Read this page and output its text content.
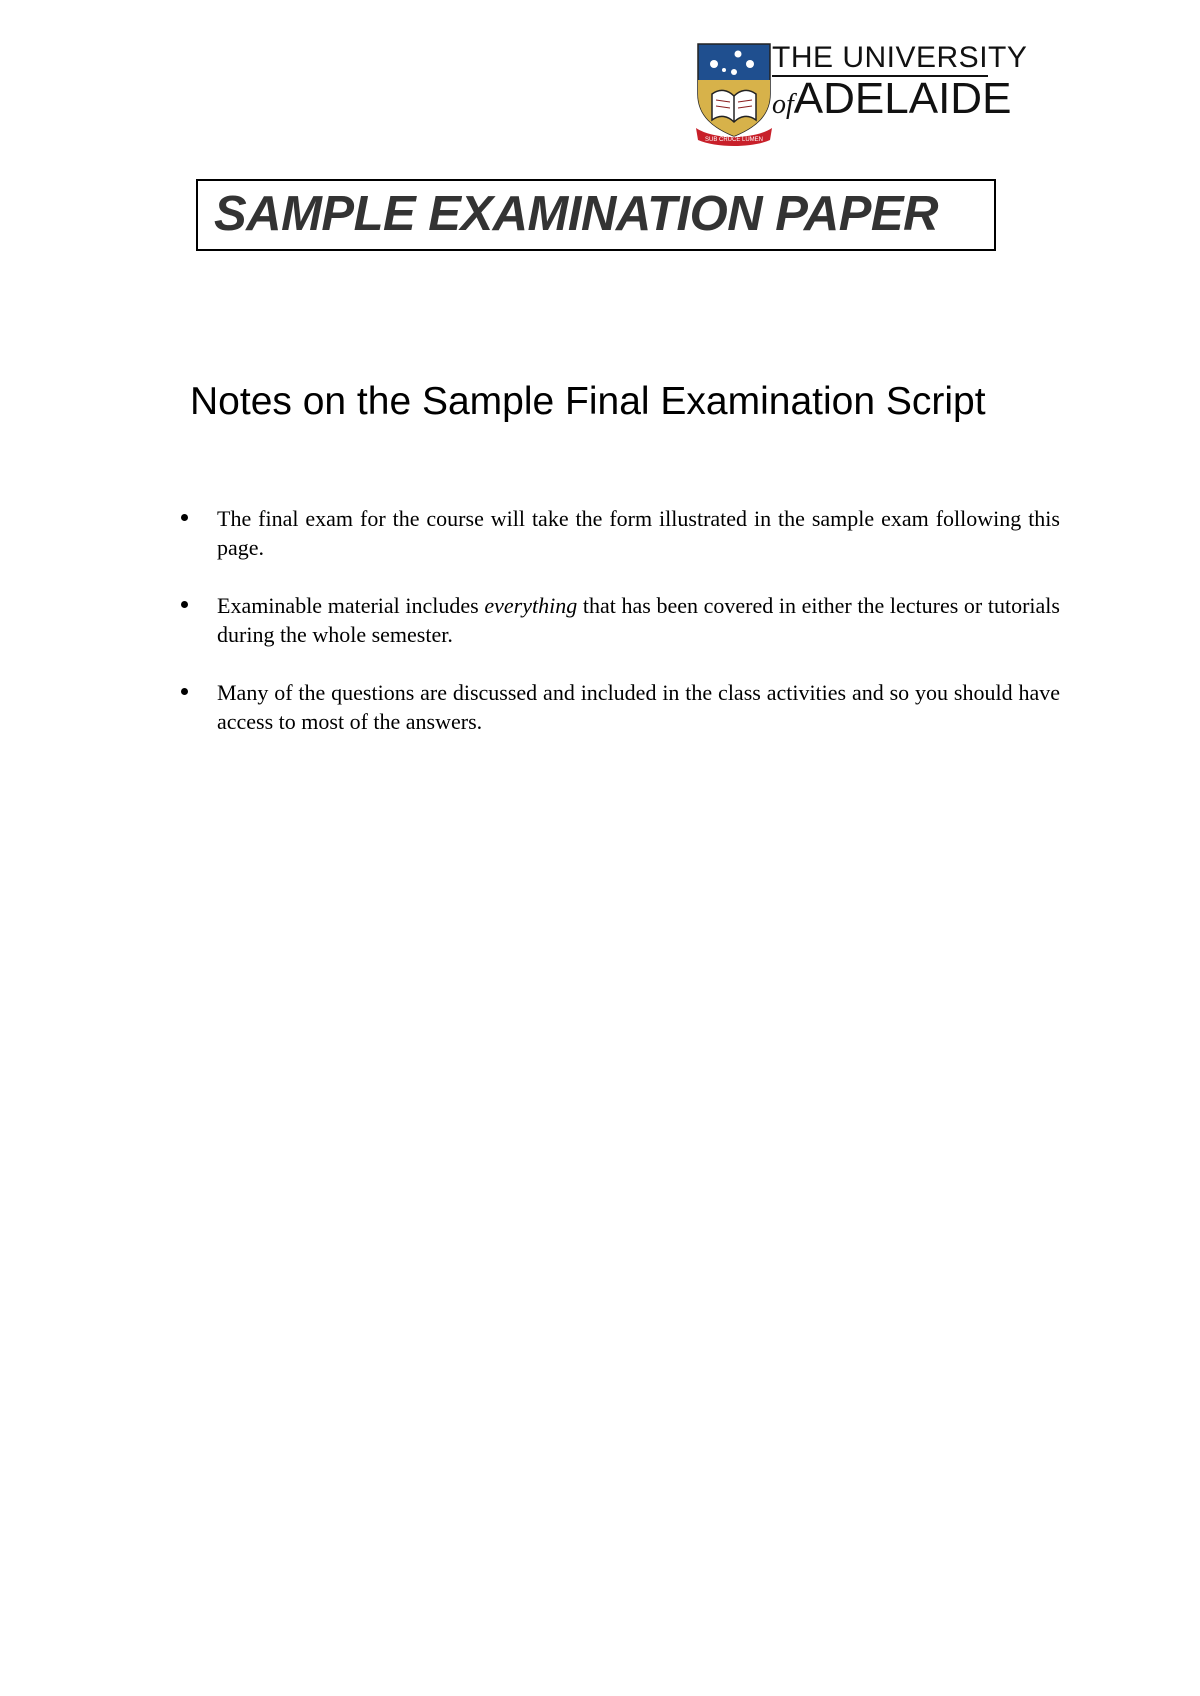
SUB CRUCE LUMEN
THE UNIVERSITY
ofADELAIDE
SAMPLE EXAMINATION PAPER
Notes on the Sample Final Examination Script
The final exam for the course will take the form illustrated in the sample exam following this page.
Examinable material includes everything that has been covered in either the lectures or tutorials during the whole semester.
Many of the questions are discussed and included in the class activities and so you should have access to most of the answers.
